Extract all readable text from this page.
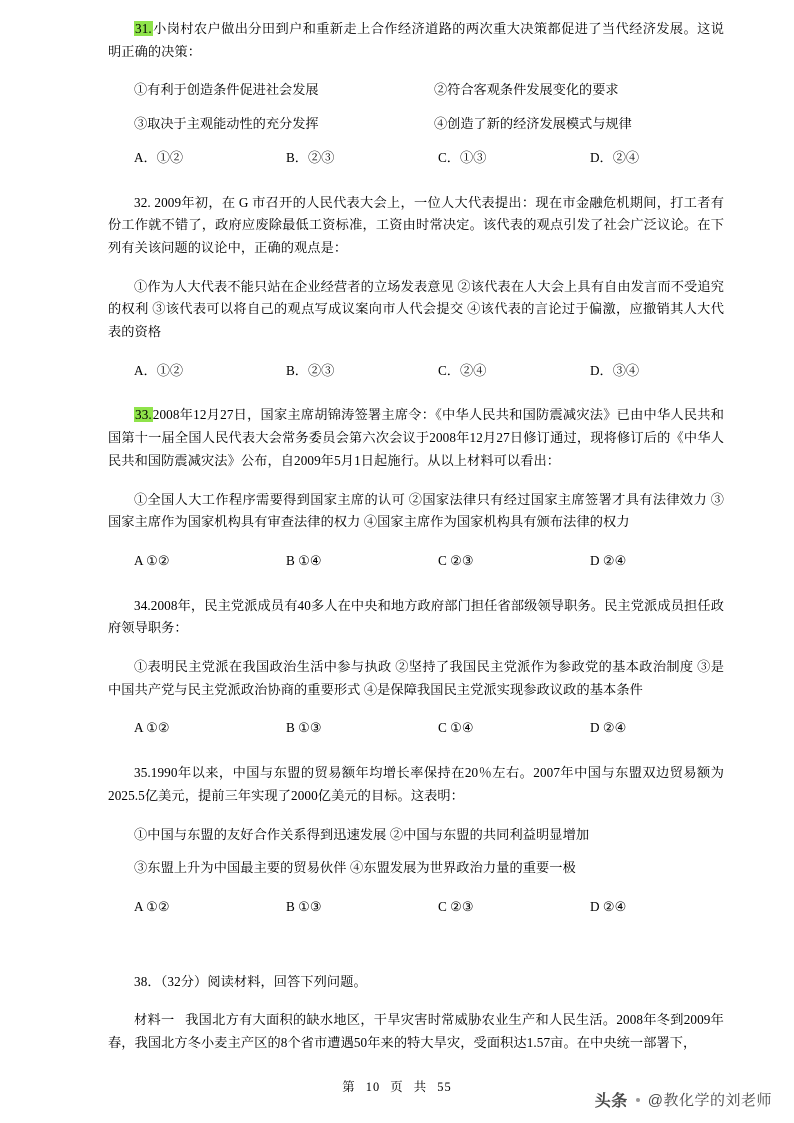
31.小岗村农户做出分田到户和重新走上合作经济道路的两次重大决策都促进了当代经济发展。这说明正确的决策：

①有利于创造条件促进社会发展	②符合客观条件发展变化的要求
③取决于主观能动性的充分发挥	④创造了新的经济发展模式与规律
A．①②	B．②③	C．①③	D．②④

32. 2009年初，在 G 市召开的人民代表大会上，一位人大代表提出：现在市金融危机期间，打工者有份工作就不错了，政府应废除最低工资标准，工资由时常决定。该代表的观点引发了社会广泛议论。在下列有关该问题的议论中，正确的观点是：

①作为人大代表不能只站在企业经营者的立场发表意见 ②该代表在人大会上具有自由发言而不受追究的权利 ③该代表可以将自己的观点写成议案向市人代会提交 ④该代表的言论过于偏激，应撤销其人大代表的资格

A．①②	B．②③	C．②④	D．③④

33.2008年12月27日，国家主席胡锦涛签署主席令：《中华人民共和国防震减灾法》已由中华人民共和国第十一届全国人民代表大会常务委员会第六次会议于2008年12月27日修订通过，现将修订后的《中华人民共和国防震减灾法》公布，自2009年5月1日起施行。从以上材料可以看出：

①全国人大工作程序需要得到国家主席的认可 ②国家法律只有经过国家主席签署才具有法律效力 ③国家主席作为国家机构具有审查法律的权力 ④国家主席作为国家机构具有颁布法律的权力

A ①②	B ①④	C ②③	D ②④

34.2008年，民主党派成员有40多人在中央和地方政府部门担任省部级领导职务。民主党派成员担任政府领导职务：

①表明民主党派在我国政治生活中参与执政 ②坚持了我国民主党派作为参政党的基本政治制度 ③是中国共产党与民主党派政治协商的重要形式 ④是保障我国民主党派实现参政议政的基本条件

A ①②	B ①③	C ①④	D ②④

35.1990年以来，中国与东盟的贸易额年均增长率保持在20％左右。2007年中国与东盟双边贸易额为2025.5亿美元，提前三年实现了2000亿美元的目标。这表明：

①中国与东盟的友好合作关系得到迅速发展 ②中国与东盟的共同利益明显增加

③东盟上升为中国最主要的贸易伙伴 ④东盟发展为世界政治力量的重要一极

A ①②	B ①③	C ②③	D ②④

38．（32分）阅读材料，回答下列问题。

材料一 我国北方有大面积的缺水地区，干旱灾害时常威胁农业生产和人民生活。2008年冬到2009年春，我国北方冬小麦主产区的8个省市遭遇50年来的特大旱灾，受面积达1.57亩。在中央统一部署下，

第 10 页 共 55
头条 @教化学的刘老师
